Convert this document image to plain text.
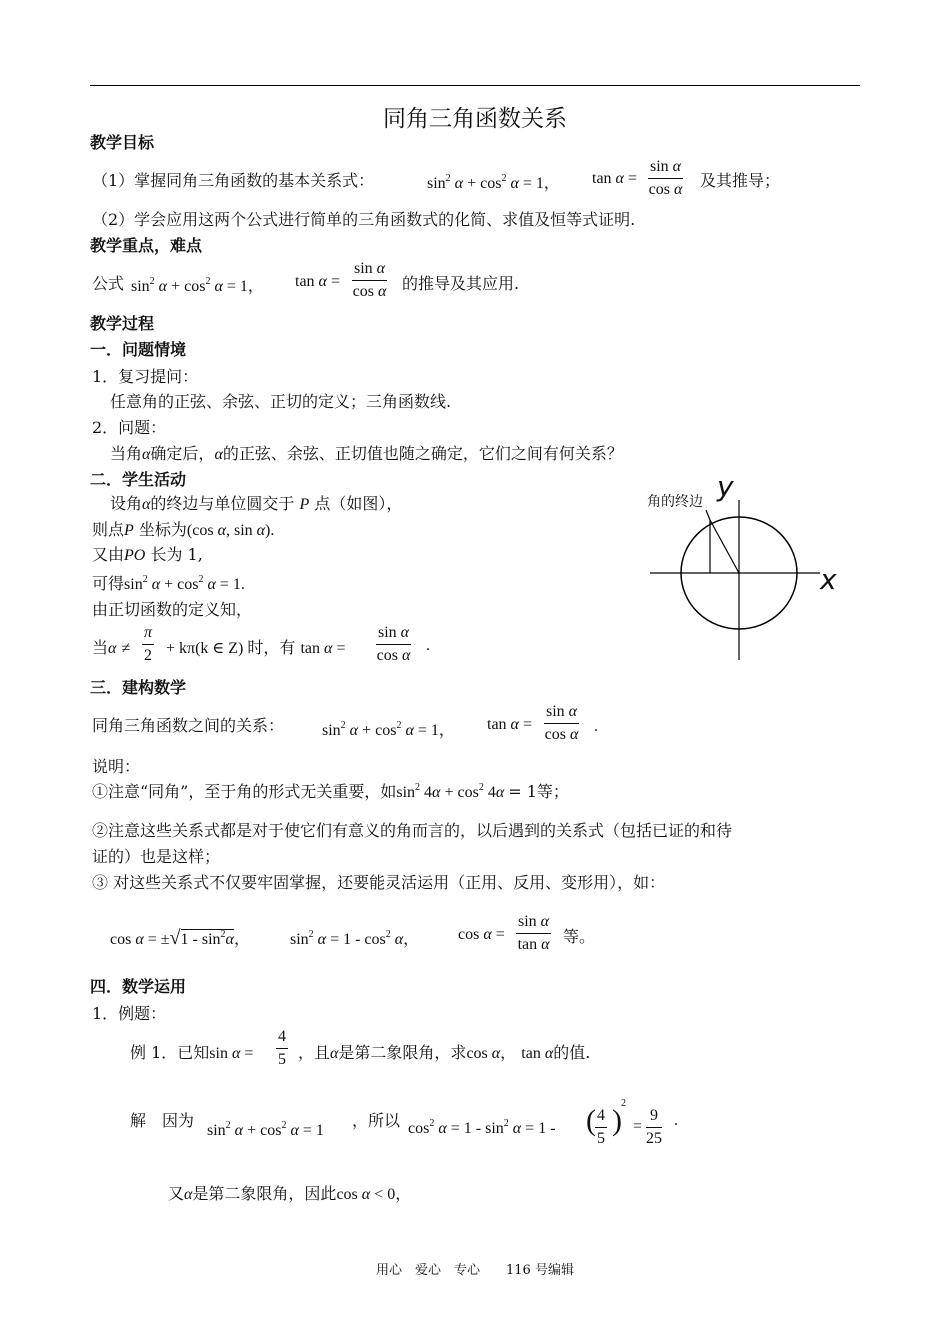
同角三角函数关系
教学目标
（1）掌握同角三角函数的基本关系式：	$\sin^2 \alpha + \cos^2 \alpha = 1$， $\tan \alpha = \frac{\text{sin α}}{\text{cos α}}$ 及其推导；
（2）学会应用这两个公式进行简单的三角函数式的化简、求值及恒等式证明.
教学重点，难点
公式 $\sin^2 \alpha + \cos^2 \alpha = 1$， $\tan \alpha = \frac{\text{sin α}}{\text{cos α}}$ 的推导及其应用.
教学过程
一．问题情境
1．复习提问：
任意角的正弦、余弦、正切的定义；三角函数线.
2．问题：
当角α确定后，α的正弦、余弦、正切值也随之确定，它们之间有何关系？
二．学生活动
设角α的终边与单位圆交于 P 点（如图），
则点P 坐标为(cos α, sin α).
又由PO 长为 1,
可得$\sin^2 \alpha + \cos^2 \alpha = 1$.
由正切函数的定义知，
当$\alpha \ne \frac{\pi}{2} + k\pi(k$ ∈ Z) 时，有 $\tan \alpha = \frac{\text{sin α}}{\text{cos α}}$ .
角的终边 y
x
三．建构数学
同角三角函数之间的关系： $\sin^2 \alpha + \cos^2 \alpha = 1$， $\tan \alpha = \frac{\text{sin α}}{\text{cos α}}$ .
说明：
①注意“同角”，至于角的形式无关重要，如$\sin^2 4\alpha + \cos^2 4\alpha = 1$等；
②注意这些关系式都是对于使它们有意义的角而言的，以后遇到的关系式（包括已证的和待
证的）也是这样；
③ 对这些关系式不仅要牢固掌握，还要能灵活运用（正用、反用、变形用），如：
$\cos \alpha = \pm√1 - \sin^2\alpha$，	$\sin^2 \alpha = 1 - \cos^2 \alpha$， $\cos \alpha = \frac{\text{sin α}}{\text{tan α}}$ 等。
四．数学运用
1．例题：
例 1．已知$\sin \alpha = \frac{4}{5}$ ，且α是第二象限角，求cos α， tan α的值.
解　因为
$\sin^2 \alpha + \cos^2 \alpha = 1$
，所以 $\cos^2 \alpha = 1 - \sin^2 \alpha = 1$ - ( $\frac{4}{5}$ )
2
= $\frac{9}{25}$ .
又α是第二象限角，因此cos α < 0，
用心　爱心　专心　　116 号编辑
